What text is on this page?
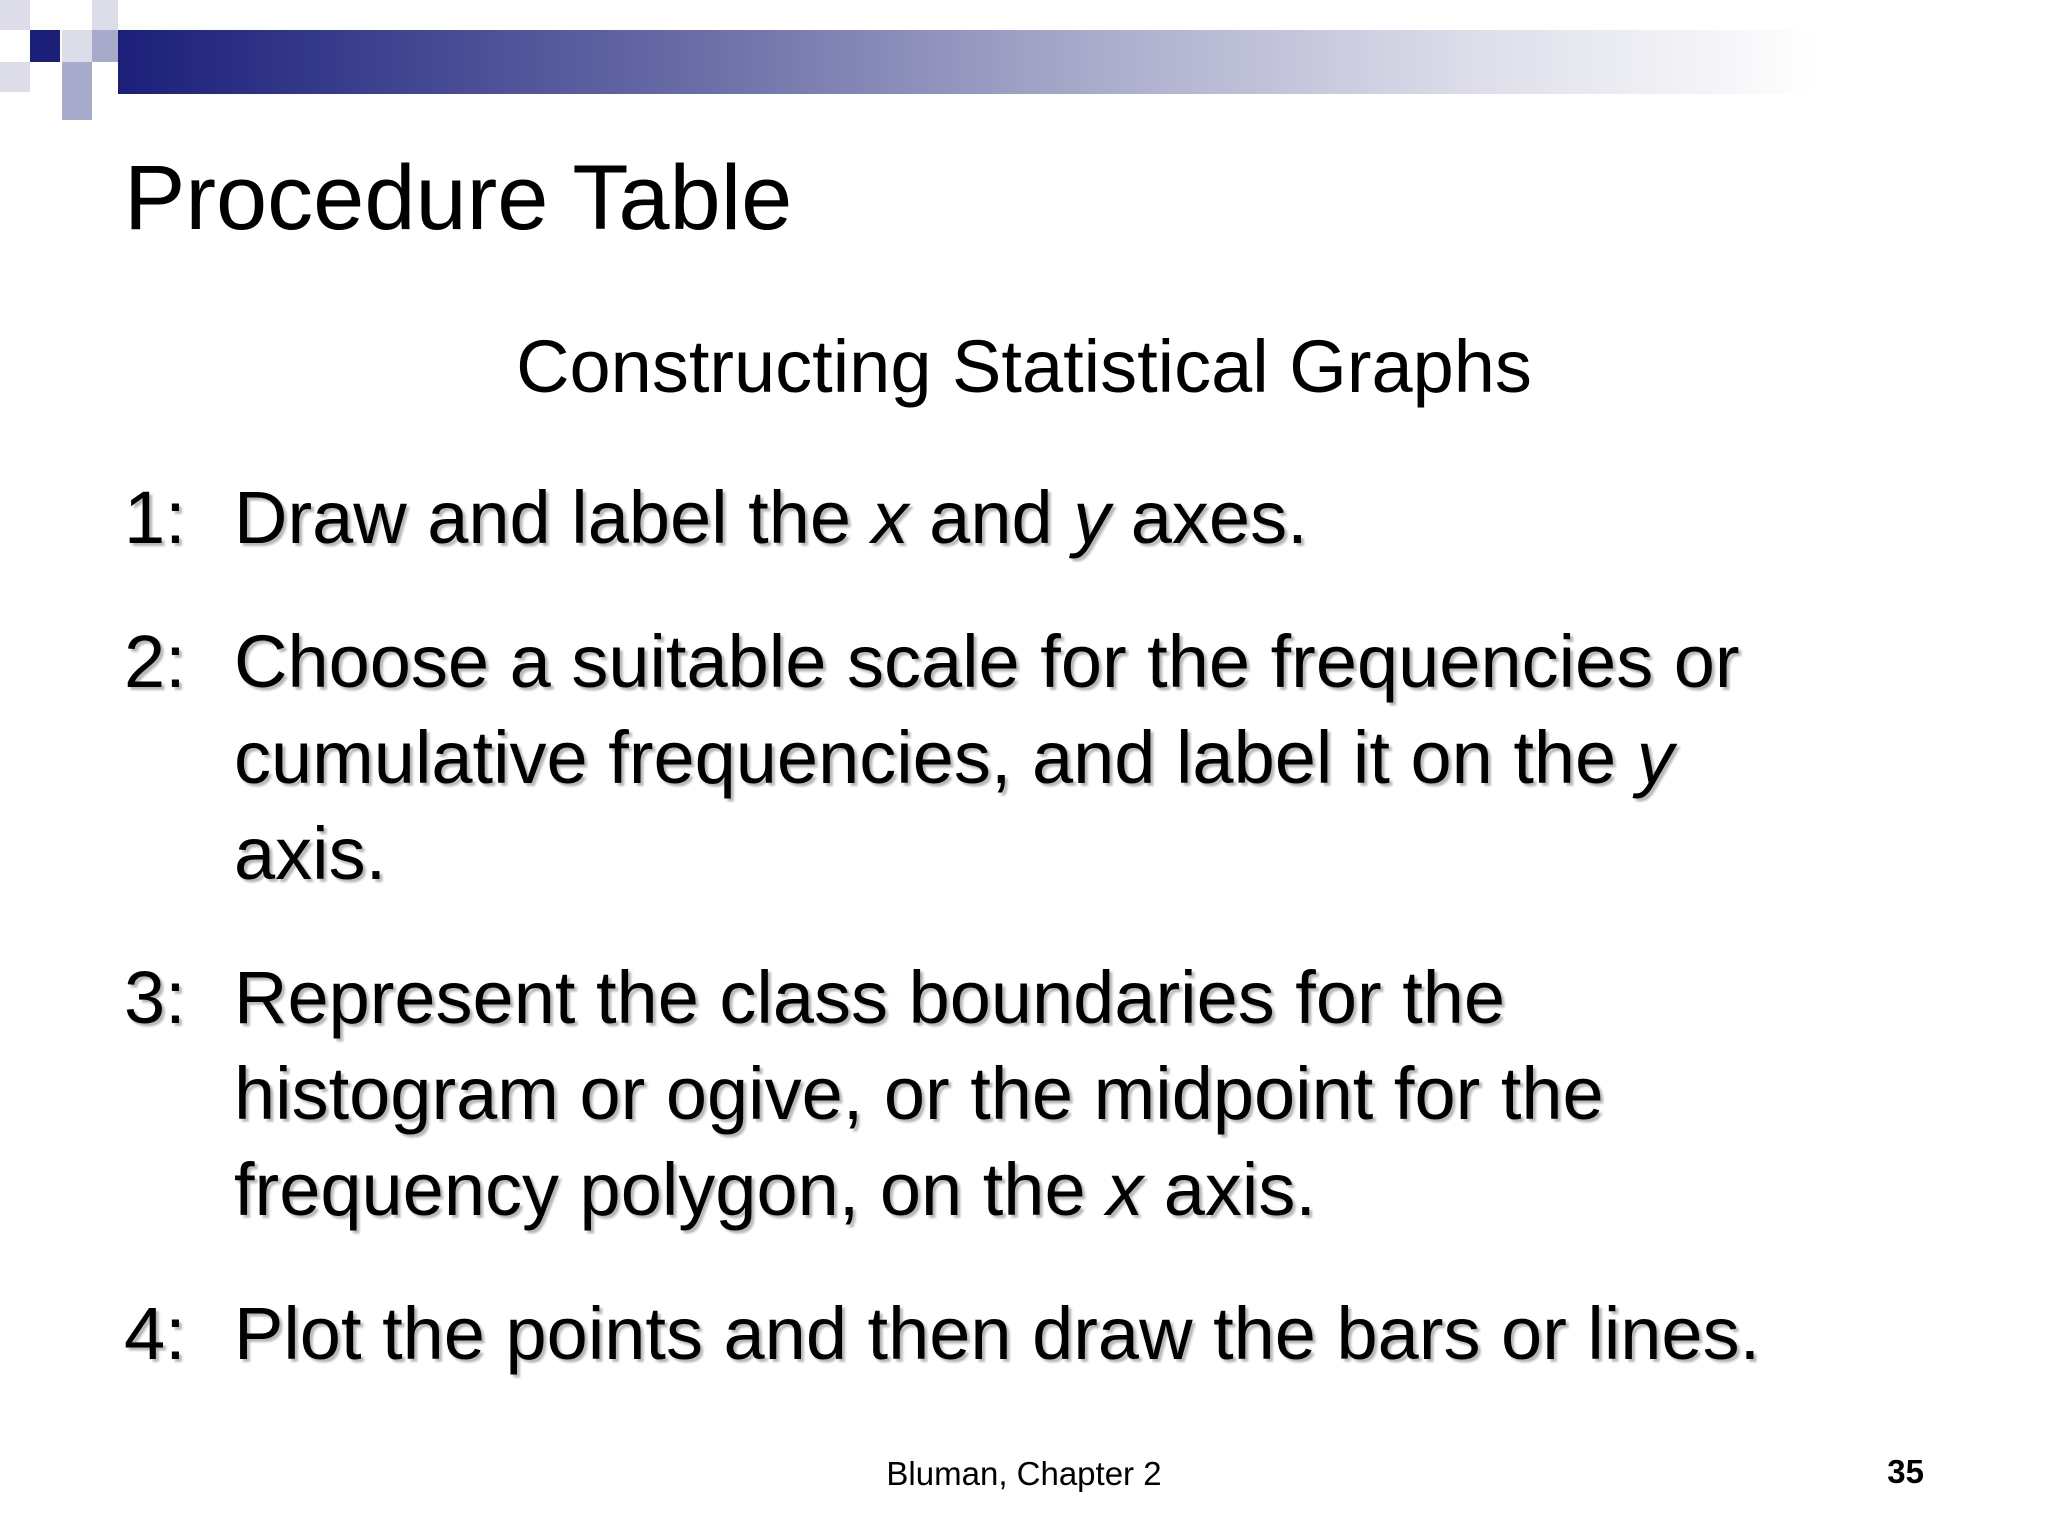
Procedure Table
Constructing Statistical Graphs
1: Draw and label the x and y axes.
2: Choose a suitable scale for the frequencies or
cumulative frequencies, and label it on the y
axis.
3: Represent the class boundaries for the
histogram or ogive, or the midpoint for the
frequency polygon, on the x axis.
4: Plot the points and then draw the bars or lines.
Bluman, Chapter 2	35
